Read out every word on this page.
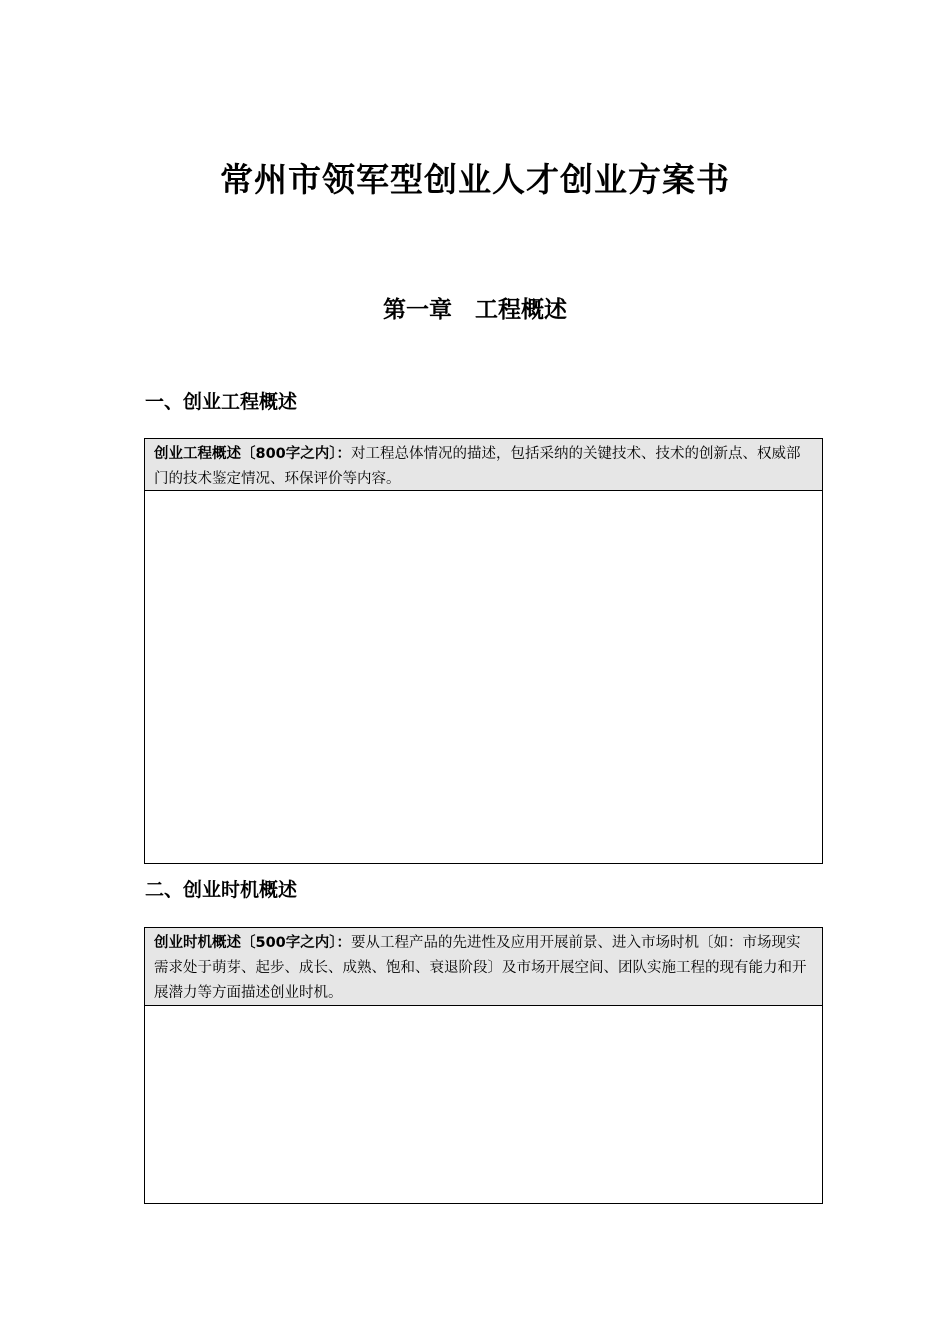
常州市领军型创业人才创业方案书
第一章　工程概述
一、创业工程概述
创业工程概述〔800字之内〕：对工程总体情况的描述，包括采纳的关键技术、技术的创新点、权威部门的技术鉴定情况、环保评价等内容。
二、创业时机概述
创业时机概述〔500字之内〕：要从工程产品的先进性及应用开展前景、进入市场时机〔如：市场现实需求处于萌芽、起步、成长、成熟、饱和、衰退阶段〕及市场开展空间、团队实施工程的现有能力和开展潜力等方面描述创业时机。
